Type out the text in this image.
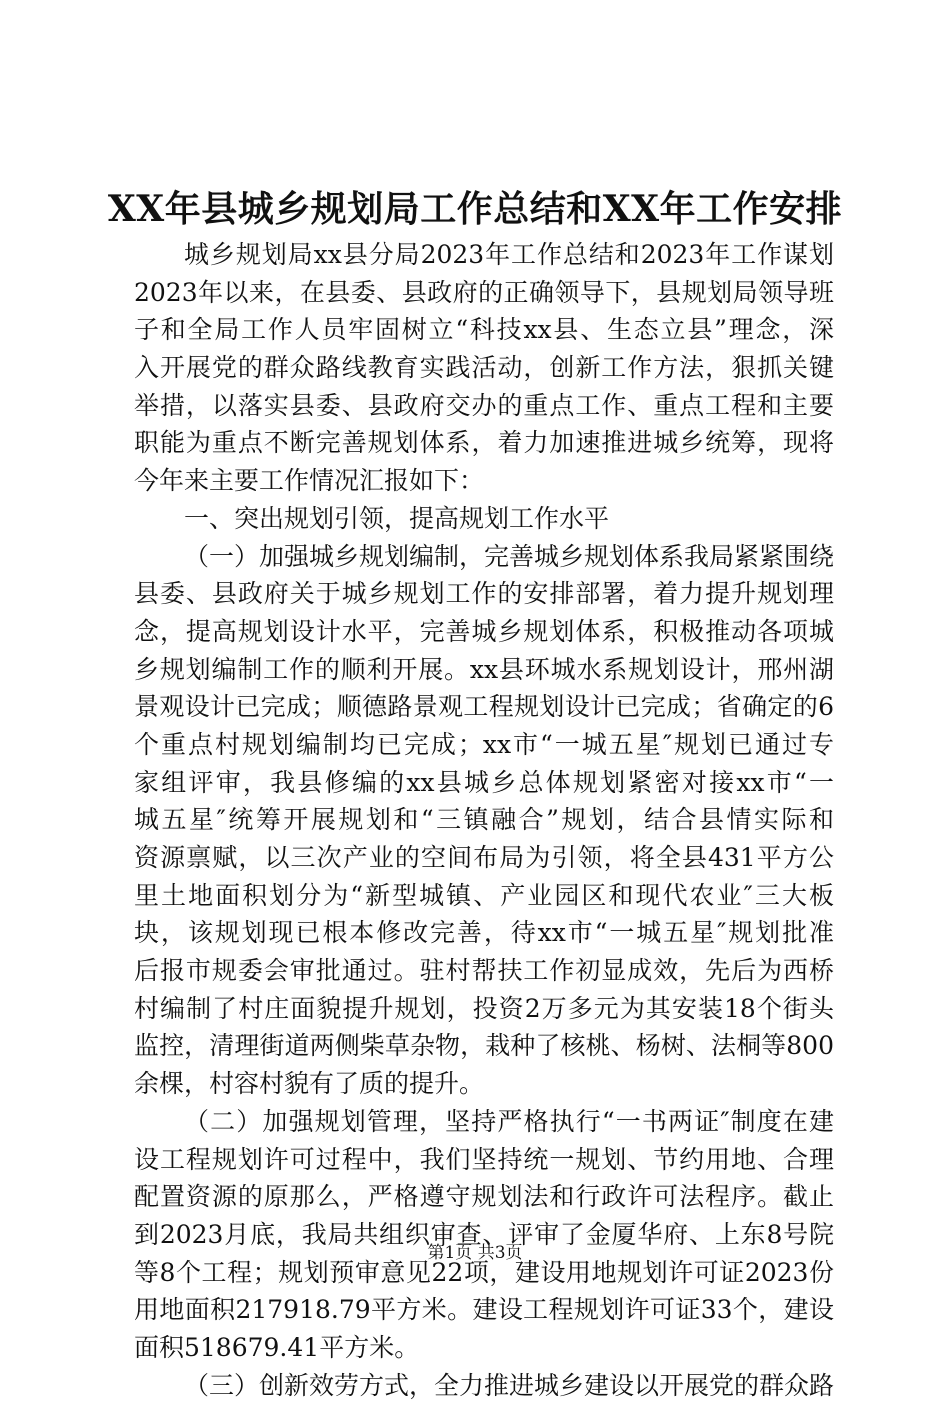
XX年县城乡规划局工作总结和XX年工作安排
城乡规划局xx县分局2023年工作总结和2023年工作谋划
2023年以来，在县委、县政府的正确领导下，县规划局领导班
子和全局工作人员牢固树立“科技xx县、生态立县”理念，深
入开展党的群众路线教育实践活动，创新工作方法，狠抓关键
举措，以落实县委、县政府交办的重点工作、重点工程和主要
职能为重点不断完善规划体系，着力加速推进城乡统筹，现将
今年来主要工作情况汇报如下：
一、突出规划引领，提高规划工作水平
（一）加强城乡规划编制，完善城乡规划体系我局紧紧围绕
县委、县政府关于城乡规划工作的安排部署，着力提升规划理
念，提高规划设计水平，完善城乡规划体系，积极推动各项城
乡规划编制工作的顺利开展。xx县环城水系规划设计，邢州湖
景观设计已完成；顺德路景观工程规划设计已完成；省确定的6
个重点村规划编制均已完成；xx市“一城五星″规划已通过专
家组评审，我县修编的xx县城乡总体规划紧密对接xx市“一
城五星″统筹开展规划和“三镇融合”规划，结合县情实际和
资源禀赋，以三次产业的空间布局为引领，将全县431平方公
里土地面积划分为“新型城镇、产业园区和现代农业″三大板
块，该规划现已根本修改完善，待xx市“一城五星″规划批准
后报市规委会审批通过。驻村帮扶工作初显成效，先后为西桥
村编制了村庄面貌提升规划，投资2万多元为其安装18个街头
监控，清理街道两侧柴草杂物，栽种了核桃、杨树、法桐等800
余棵，村容村貌有了质的提升。
（二）加强规划管理，坚持严格执行“一书两证″制度在建
设工程规划许可过程中，我们坚持统一规划、节约用地、合理
配置资源的原那么，严格遵守规划法和行政许可法程序。截止
到2023月底，我局共组织审查、评审了金厦华府、上东8号院
等8个工程；规划预审意见22项，建设用地规划许可证2023份
用地面积217918.79平方米。建设工程规划许可证33个，建设
面积518679.41平方米。
（三）创新效劳方式，全力推进城乡建设以开展党的群众路
第1页 共3页
